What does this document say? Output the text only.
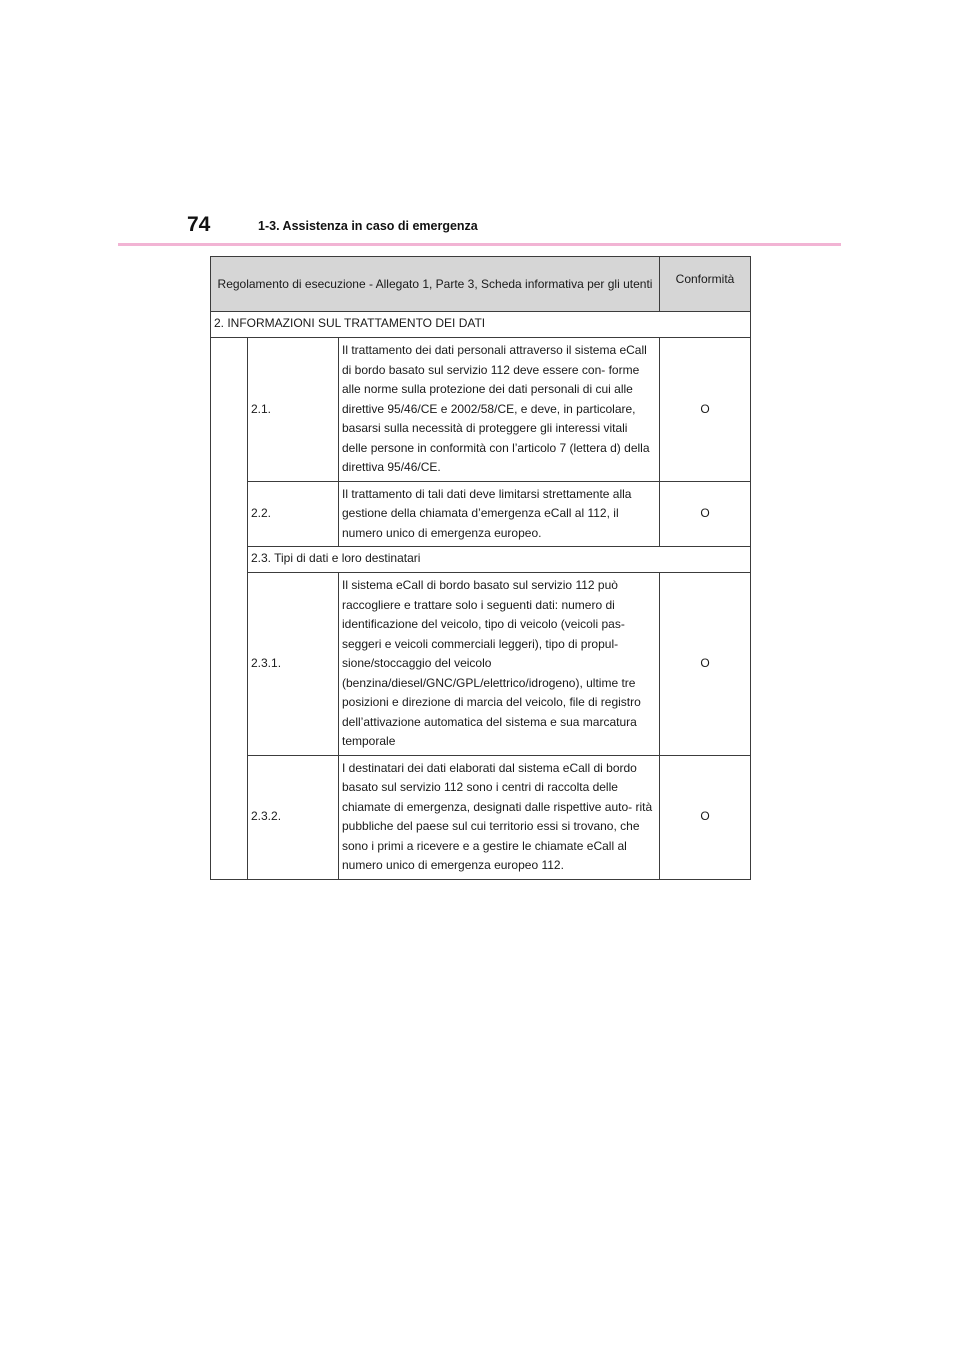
74	1-3. Assistenza in caso di emergenza
Regolamento di esecuzione - Allegato 1, Parte 3, Scheda informativa per gli utenti			Conformità
2. INFORMAZIONI SUL TRATTAMENTO DEI DATI			
	2.1.	Il trattamento dei dati personali attraverso il sistema eCall di bordo basato sul servizio 112 deve essere con- forme alle norme sulla protezione dei dati personali di cui alle direttive 95/46/CE e 2002/58/CE, e deve, in particolare, basarsi sulla necessità di proteggere gli interessi vitali delle persone in conformità con l’articolo 7 (lettera d) della direttiva 95/46/CE.	O
	2.2.	Il trattamento di tali dati deve limitarsi strettamente alla gestione della chiamata d’emergenza eCall al 112, il numero unico di emergenza europeo.	O
	2.3. Tipi di dati e loro destinatari		
	2.3.1.	Il sistema eCall di bordo basato sul servizio 112 può raccogliere e trattare solo i seguenti dati: numero di identificazione del veicolo, tipo di veicolo (veicoli pas- seggeri e veicoli commerciali leggeri), tipo di propul- sione/stoccaggio del veicolo (benzina/diesel/GNC/GPL/elettrico/idrogeno), ultime tre posizioni e direzione di marcia del veicolo, file di registro dell’attivazione automatica del sistema e sua marcatura temporale	O
	2.3.2.	I destinatari dei dati elaborati dal sistema eCall di bordo basato sul servizio 112 sono i centri di raccolta delle chiamate di emergenza, designati dalle rispettive auto- rità pubbliche del paese sul cui territorio essi si trovano, che sono i primi a ricevere e a gestire le chiamate eCall al numero unico di emergenza europeo 112.	O
